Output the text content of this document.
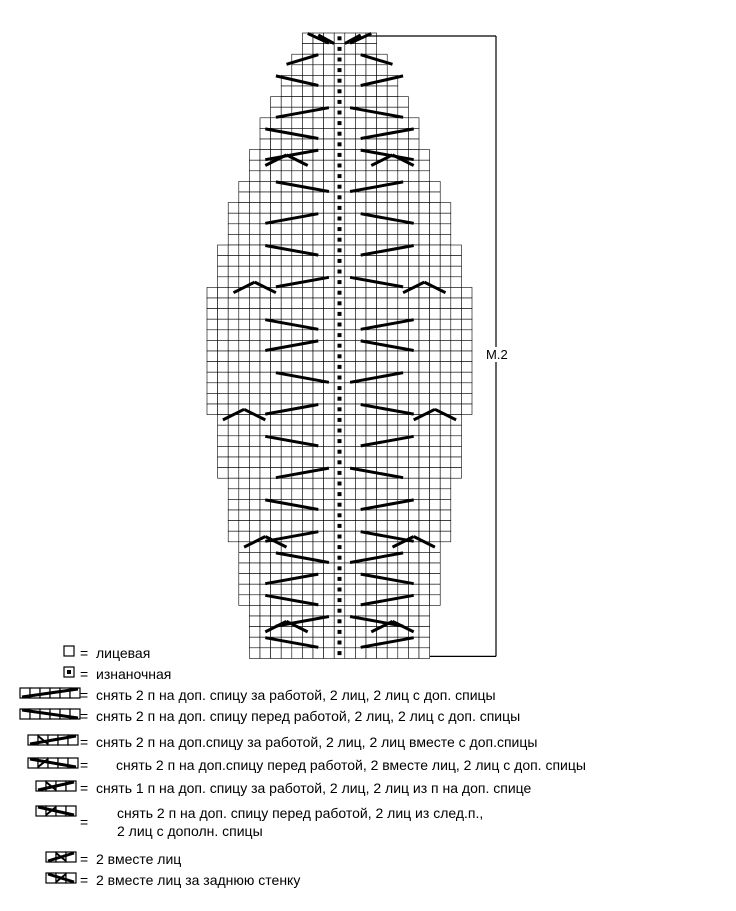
M.2
= лицевая
= изнаночная
= снять 2 п на доп. спицу за работой, 2 лиц, 2 лиц с доп. спицы
= снять 2 п на доп. спицу перед работой, 2 лиц, 2 лиц с доп. спицы
= снять 2 п на доп.спицу за работой, 2 лиц, 2 лиц вместе с доп.спицы
= снять 2 п на доп.спицу перед работой, 2 вместе лиц, 2 лиц с доп. спицы
= снять 1 п на доп. спицу за работой, 2 лиц, 2 лиц из п на доп. спице
=
снять 2 п на доп. спицу перед работой, 2 лиц из след.п.,
2 лиц с дополн. спицы
= 2 вместе лиц
= 2 вместе лиц за заднюю стенку
